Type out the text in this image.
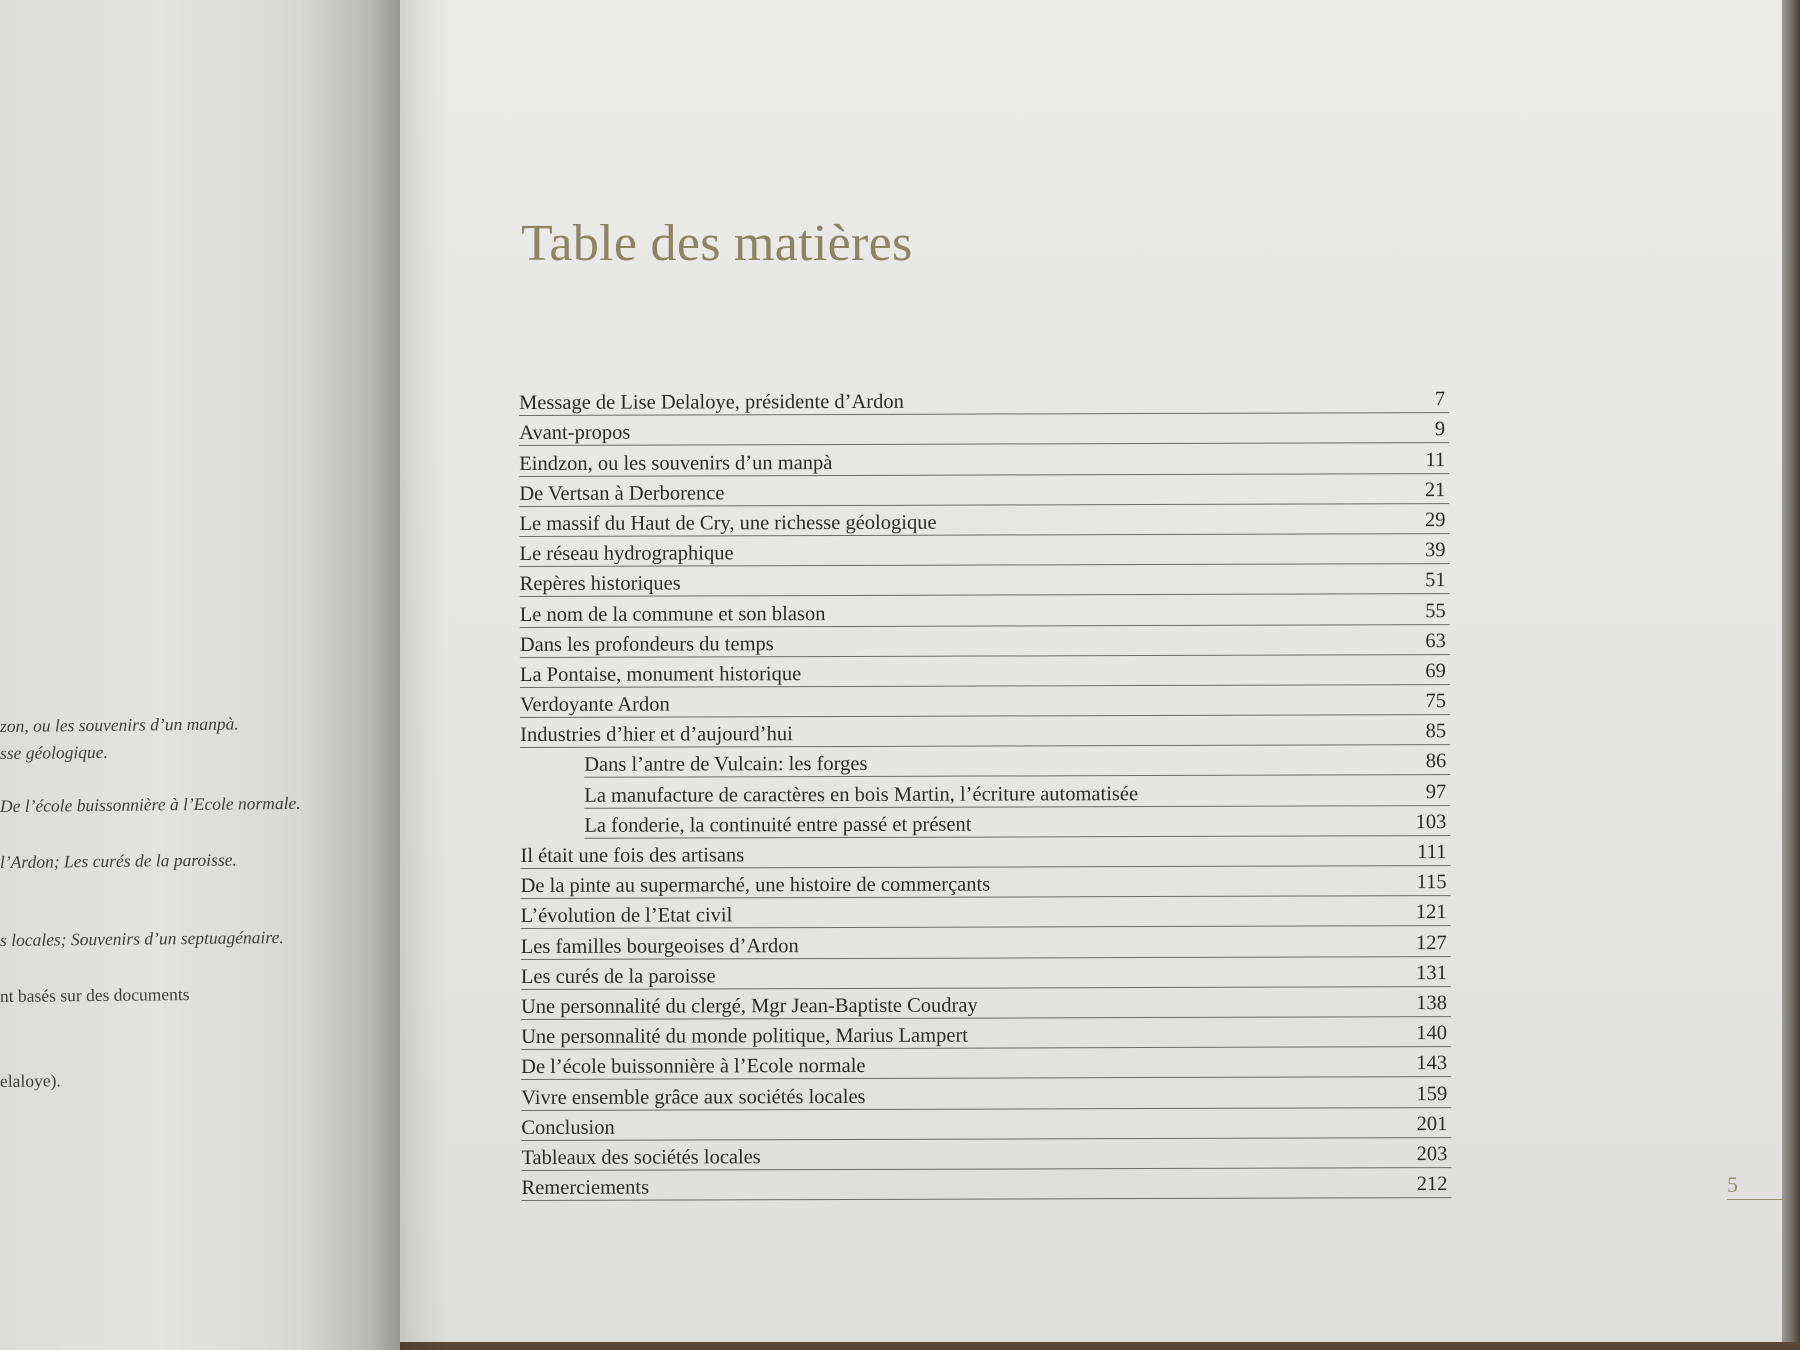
zon, ou les souvenirs d’un manpà.
sse géologique.
De l’école buissonnière à l’Ecole normale.
l’Ardon; Les curés de la paroisse.
s locales; Souvenirs d’un septuagénaire.
nt basés sur des documents
elaloye).
Table des matières
Message de Lise Delaloye, présidente d’Ardon	7
Avant-propos	9
Eindzon, ou les souvenirs d’un manpà	11
De Vertsan à Derborence	21
Le massif du Haut de Cry, une richesse géologique	29
Le réseau hydrographique	39
Repères historiques	51
Le nom de la commune et son blason	55
Dans les profondeurs du temps	63
La Pontaise, monument historique	69
Verdoyante Ardon	75
Industries d’hier et d’aujourd’hui	85
Dans l’antre de Vulcain: les forges	86
La manufacture de caractères en bois Martin, l’écriture automatisée	97
La fonderie, la continuité entre passé et présent	103
Il était une fois des artisans	111
De la pinte au supermarché, une histoire de commerçants	115
L’évolution de l’Etat civil	121
Les familles bourgeoises d’Ardon	127
Les curés de la paroisse	131
Une personnalité du clergé, Mgr Jean-Baptiste Coudray	138
Une personnalité du monde politique, Marius Lampert	140
De l’école buissonnière à l’Ecole normale	143
Vivre ensemble grâce aux sociétés locales	159
Conclusion	201
Tableaux des sociétés locales	203
Remerciements	212	5
